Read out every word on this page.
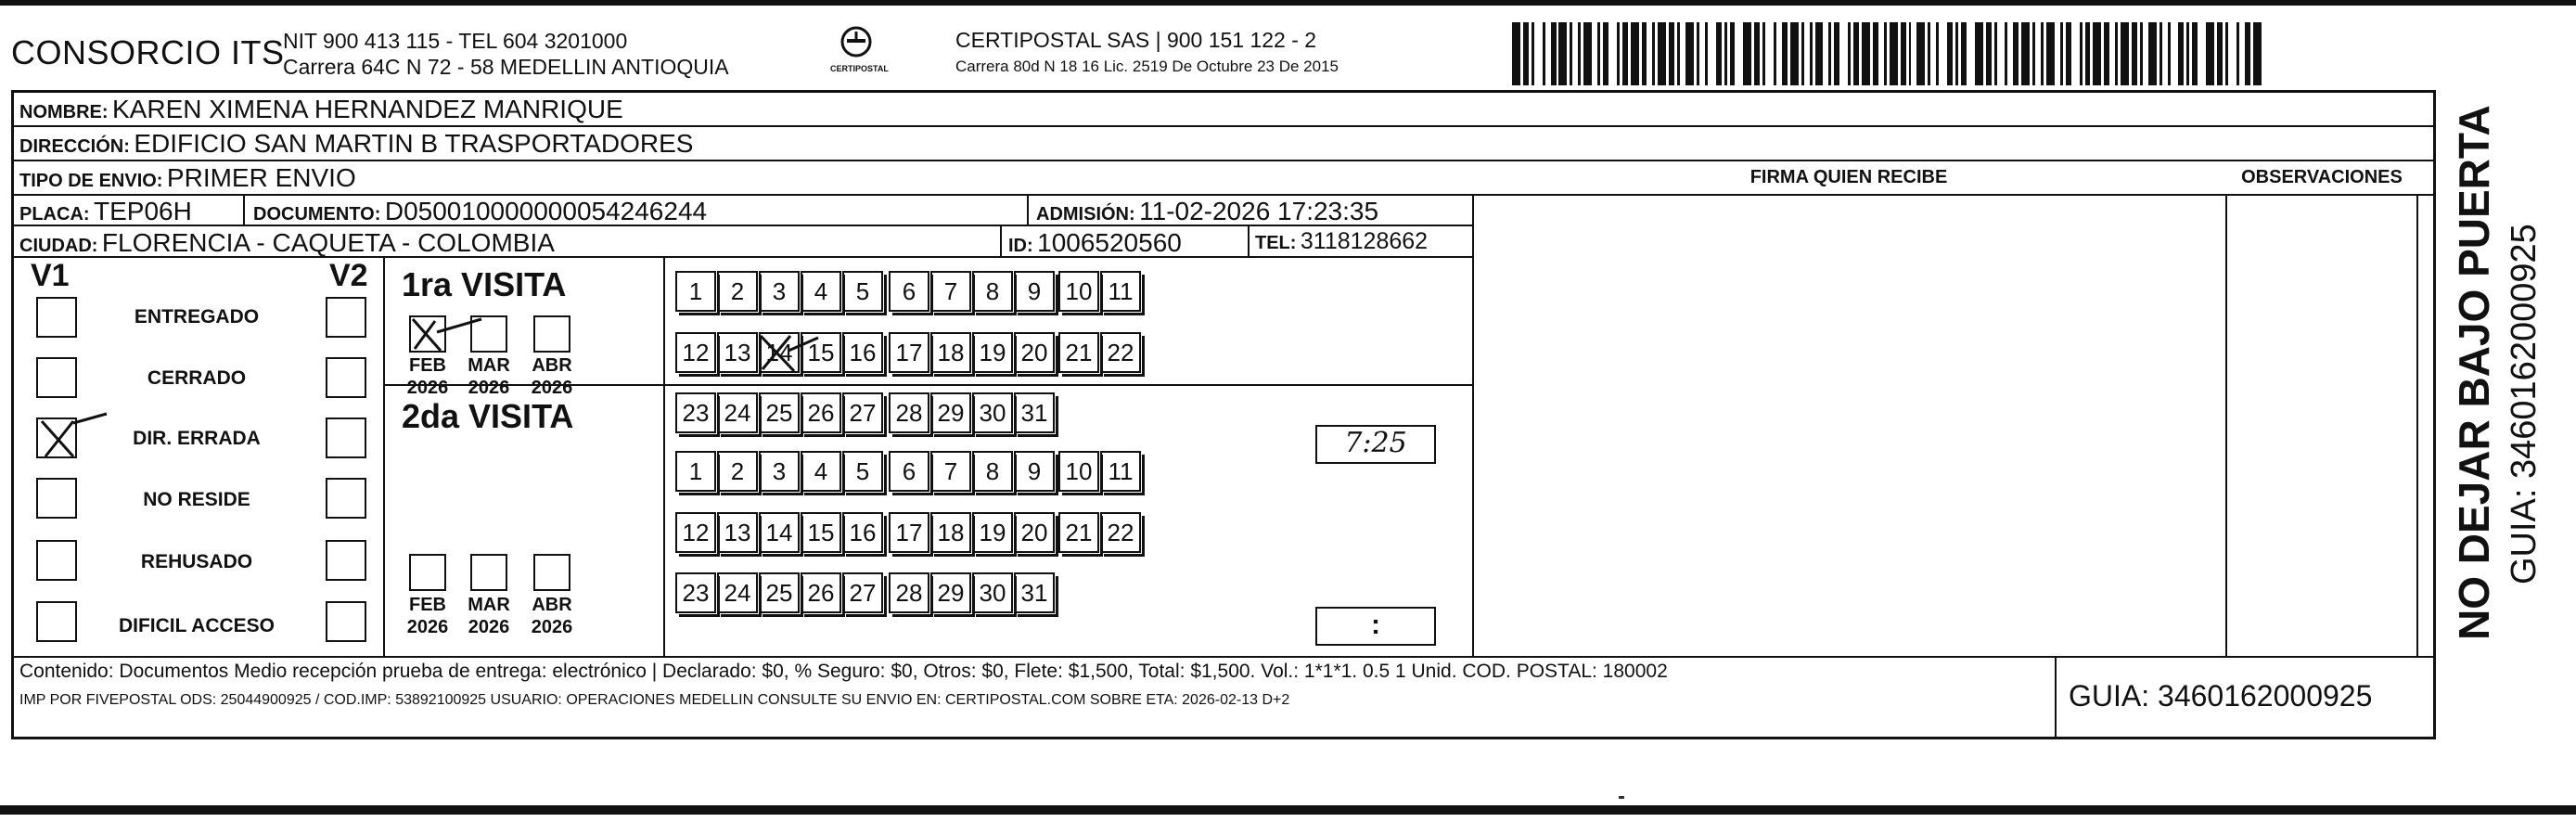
CONSORCIO ITS
NIT 900 413 115 - TEL 604 3201000
Carrera 64C N 72 - 58 MEDELLIN ANTIOQUIA	CERTIPOSTAL
CERTIPOSTAL SAS | 900 151 122 - 2
Carrera 80d N 18 16 Lic. 2519 De Octubre 23 De 2015
NOMBRE: KAREN XIMENA HERNANDEZ MANRIQUE
DIRECCIÓN: EDIFICIO SAN MARTIN B TRASPORTADORES
TIPO DE ENVIO: PRIMER ENVIO	FIRMA QUIEN RECIBE	OBSERVACIONES
PLACA: TEP06H	DOCUMENTO: D050010000000054246244	ADMISIÓN: 11-02-2026 17:23:35
CIUDAD: FLORENCIA - CAQUETA - COLOMBIA	ID: 1006520560	TEL: 3118128662
V1	V2
ENTREGADO
CERRADO
DIR. ERRADA
NO RESIDE
REHUSADO
DIFICIL ACCESO
1ra VISITA
FEB
2026
MAR
2026
ABR
2026
2da VISITA
FEB
2026
MAR
2026
ABR
2026
1 2 3 4 5 6 7 8 9 10 11
12 13 14 15 16 17 18 19 20 21 22
23 24 25 26 27 28 29 30 31
1 2 3 4 5 6 7 8 9 10 11
12 13 14 15 16 17 18 19 20 21 22
23 24 25 26 27 28 29 30 31
7:25
:
Contenido: Documentos Medio recepción prueba de entrega: electrónico | Declarado: $0, % Seguro: $0, Otros: $0, Flete: $1,500, Total: $1,500. Vol.: 1*1*1. 0.5 1 Unid. COD. POSTAL: 180002
IMP POR FIVEPOSTAL ODS: 25044900925 / COD.IMP: 53892100925 USUARIO: OPERACIONES MEDELLIN CONSULTE SU ENVIO EN: CERTIPOSTAL.COM SOBRE ETA: 2026-02-13 D+2	GUIA: 3460162000925
NO DEJAR BAJO PUERTA GUIA: 3460162000925
